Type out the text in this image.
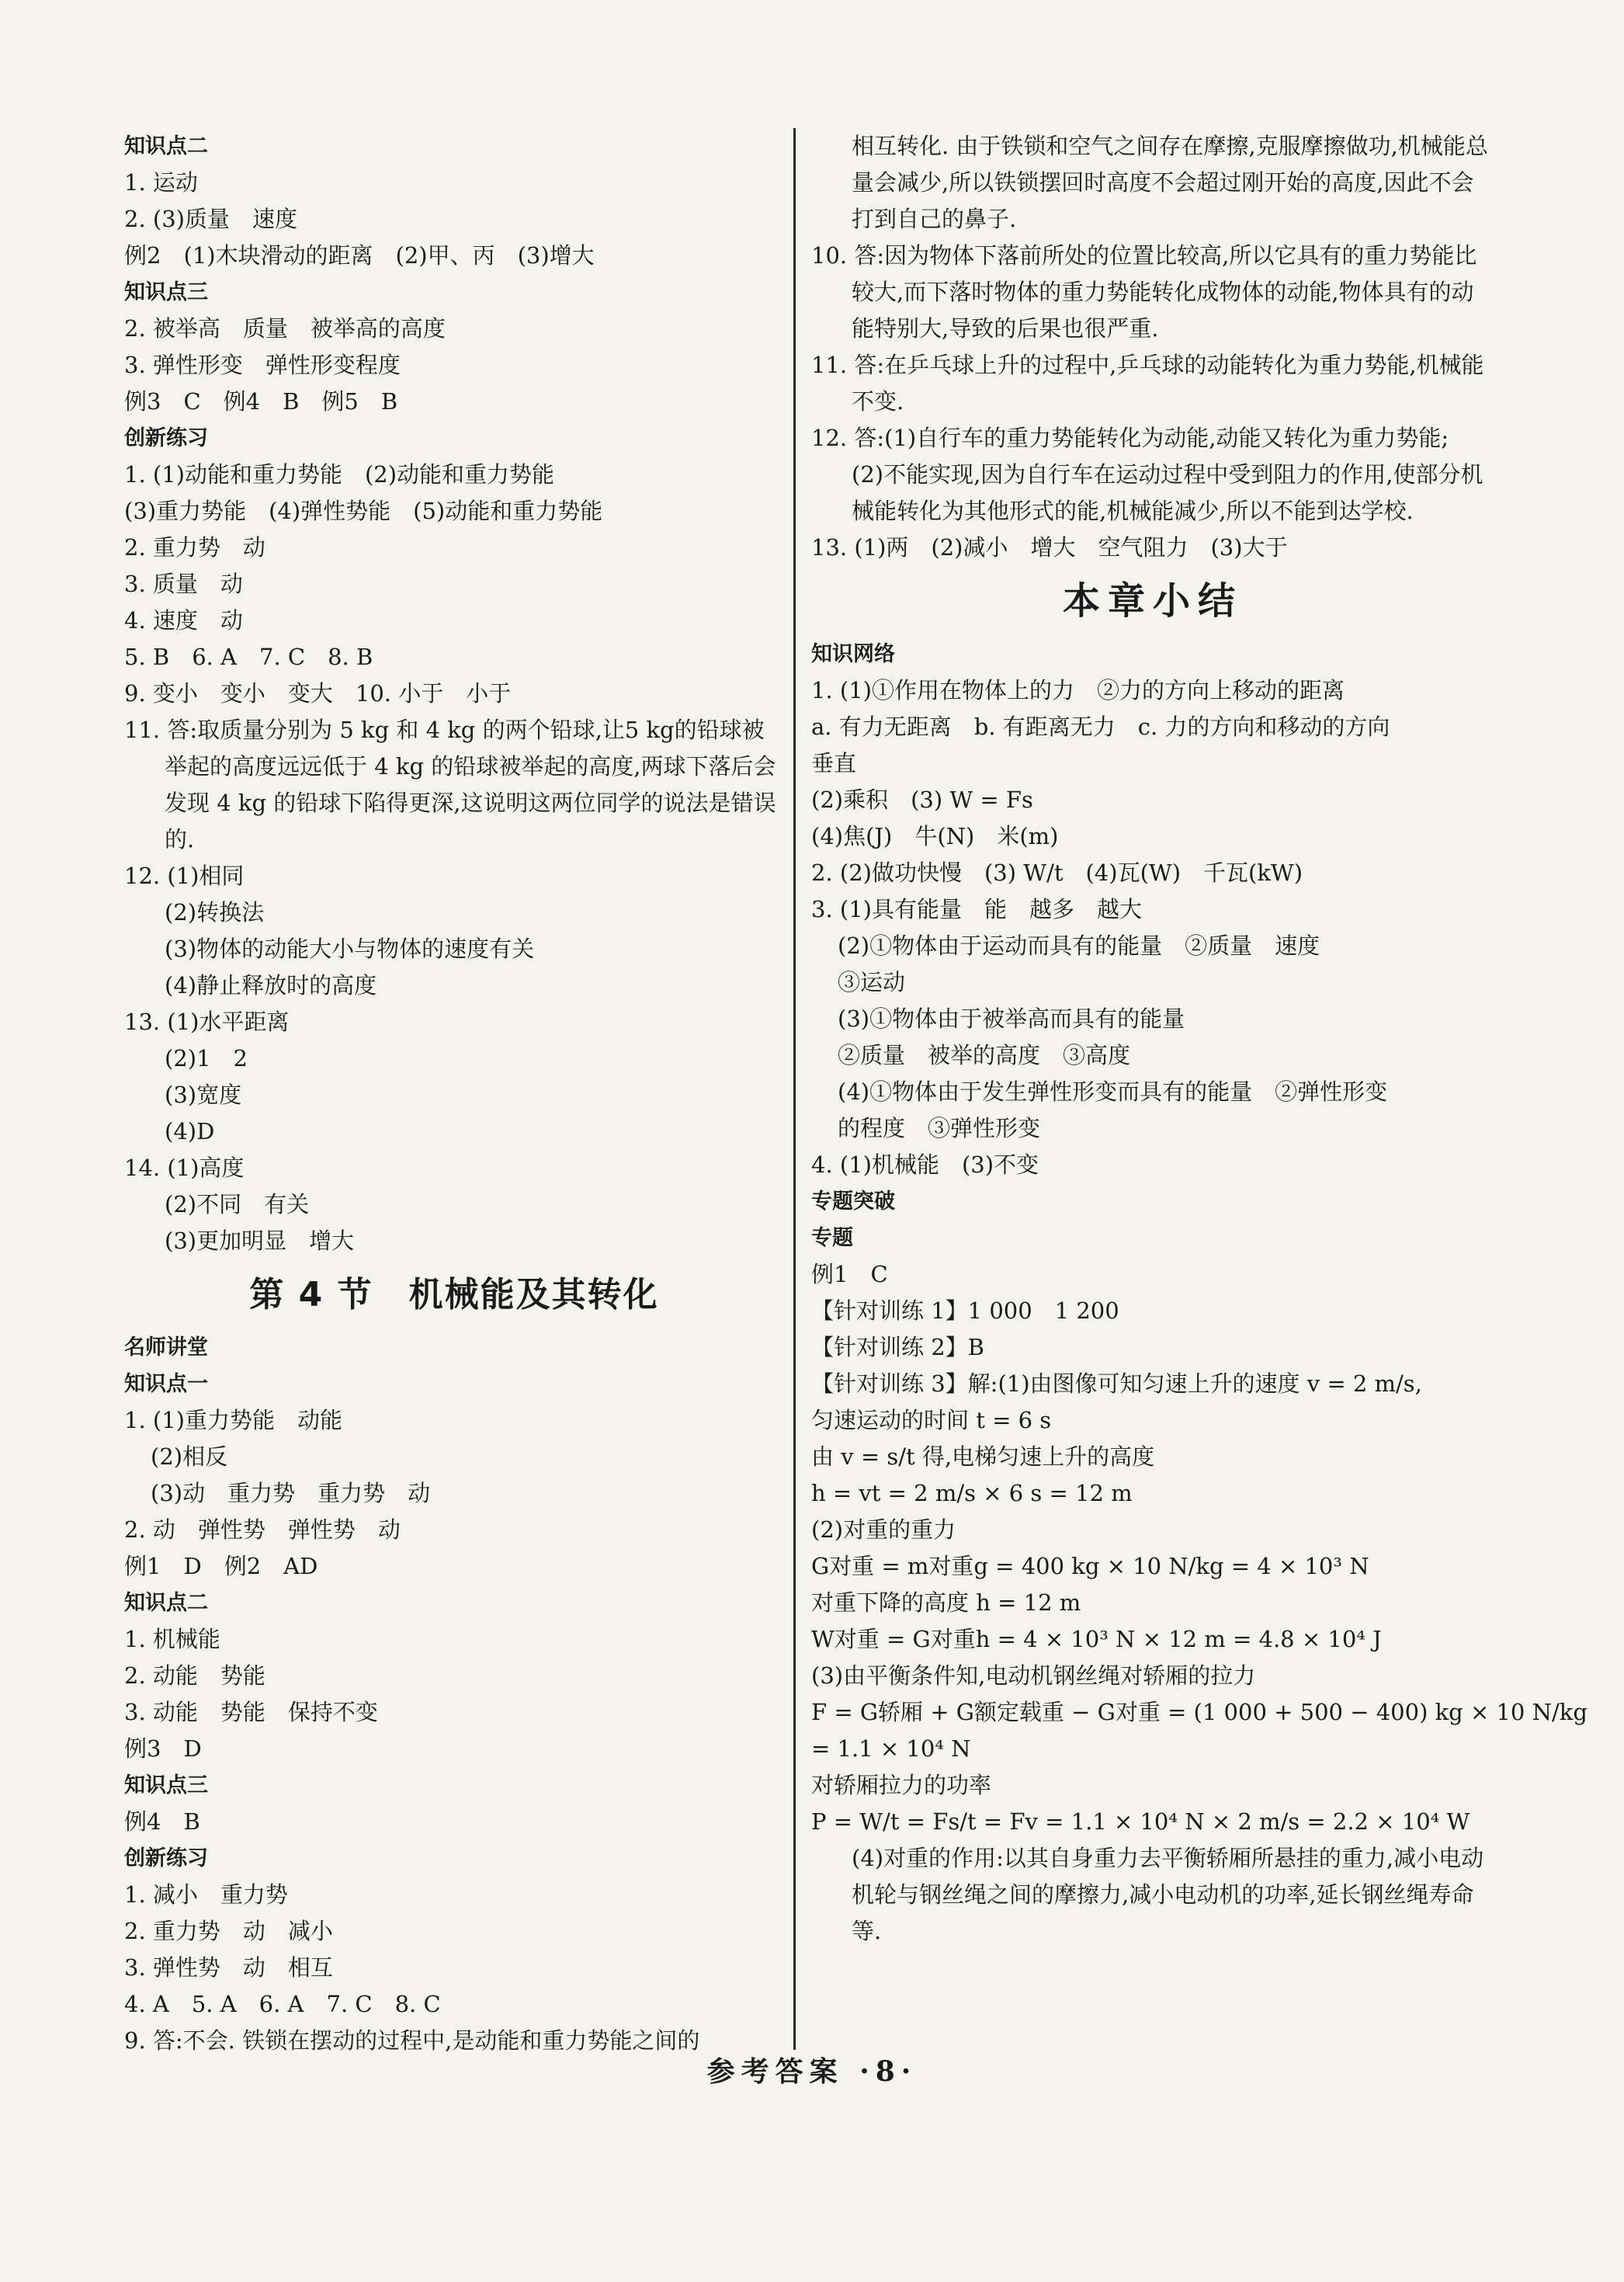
知识点二
1. 运动
2. (3)质量　速度
例2　(1)木块滑动的距离　(2)甲、丙　(3)增大
知识点三
2. 被举高　质量　被举高的高度
3. 弹性形变　弹性形变程度
例3　C　例4　B　例5　B
创新练习
1. (1)动能和重力势能　(2)动能和重力势能
(3)重力势能　(4)弹性势能　(5)动能和重力势能
2. 重力势　动
3. 质量　动
4. 速度　动
5. B　6. A　7. C　8. B
9. 变小　变小　变大　10. 小于　小于
11. 答:取质量分别为 5 kg 和 4 kg 的两个铅球,让5 kg的铅球被举起的高度远远低于 4 kg 的铅球被举起的高度,两球下落后会发现 4 kg 的铅球下陷得更深,这说明这两位同学的说法是错误的.
12. (1)相同
(2)转换法
(3)物体的动能大小与物体的速度有关
(4)静止释放时的高度
13. (1)水平距离
(2)1　2
(3)宽度
(4)D
14. (1)高度
(2)不同　有关
(3)更加明显　增大
第 4 节　机械能及其转化
名师讲堂
知识点一
1. (1)重力势能　动能
(2)相反
(3)动　重力势　重力势　动
2. 动　弹性势　弹性势　动
例1　D　例2　AD
知识点二
1. 机械能
2. 动能　势能
3. 动能　势能　保持不变
例3　D
知识点三
例4　B
创新练习
1. 减小　重力势
2. 重力势　动　减小
3. 弹性势　动　相互
4. A　5. A　6. A　7. C　8. C
9. 答:不会. 铁锁在摆动的过程中,是动能和重力势能之间的
相互转化. 由于铁锁和空气之间存在摩擦,克服摩擦做功,机械能总量会减少,所以铁锁摆回时高度不会超过刚开始的高度,因此不会打到自己的鼻子.
10. 答:因为物体下落前所处的位置比较高,所以它具有的重力势能比较大,而下落时物体的重力势能转化成物体的动能,物体具有的动能特别大,导致的后果也很严重.
11. 答:在乒乓球上升的过程中,乒乓球的动能转化为重力势能,机械能不变.
12. 答:(1)自行车的重力势能转化为动能,动能又转化为重力势能;
(2)不能实现,因为自行车在运动过程中受到阻力的作用,使部分机械能转化为其他形式的能,机械能减少,所以不能到达学校.
13. (1)两　(2)减小　增大　空气阻力　(3)大于
本章小结
知识网络
1. (1)①作用在物体上的力　②力的方向上移动的距离
a. 有力无距离　b. 有距离无力　c. 力的方向和移动的方向
垂直
(2)乘积　(3) W = Fs
(4)焦(J)　牛(N)　米(m)
2. (2)做功快慢　(3) W/t　(4)瓦(W)　千瓦(kW)
3. (1)具有能量　能　越多　越大
(2)①物体由于运动而具有的能量　②质量　速度
③运动
(3)①物体由于被举高而具有的能量
②质量　被举的高度　③高度
(4)①物体由于发生弹性形变而具有的能量　②弹性形变
的程度　③弹性形变
4. (1)机械能　(3)不变
专题突破
专题
例1　C
【针对训练 1】1 000　1 200
【针对训练 2】B
【针对训练 3】解:(1)由图像可知匀速上升的速度 v = 2 m/s,
匀速运动的时间 t = 6 s
由 v = s/t 得,电梯匀速上升的高度
h = vt = 2 m/s × 6 s = 12 m
(2)对重的重力
G对重 = m对重g = 400 kg × 10 N/kg = 4 × 10³ N
对重下降的高度 h = 12 m
W对重 = G对重h = 4 × 10³ N × 12 m = 4.8 × 10⁴ J
(3)由平衡条件知,电动机钢丝绳对轿厢的拉力
F = G轿厢 + G额定载重 − G对重 = (1 000 + 500 − 400) kg × 10 N/kg
= 1.1 × 10⁴ N
对轿厢拉力的功率
P = W/t = Fs/t = Fv = 1.1 × 10⁴ N × 2 m/s = 2.2 × 10⁴ W
(4)对重的作用:以其自身重力去平衡轿厢所悬挂的重力,减小电动机轮与钢丝绳之间的摩擦力,减小电动机的功率,延长钢丝绳寿命等.
参考答案 ·8·
